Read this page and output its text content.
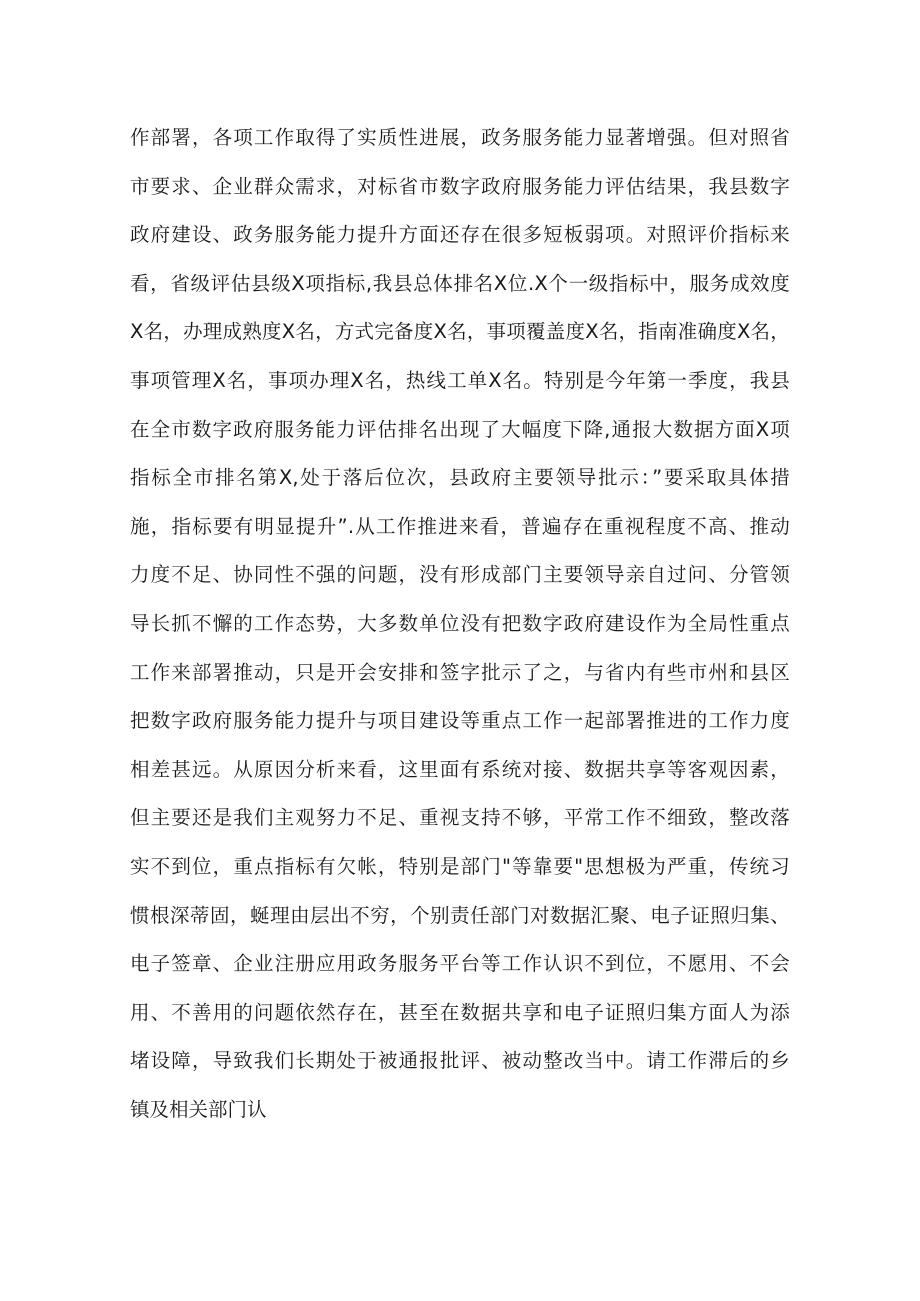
作部署，各项工作取得了实质性进展，政务服务能力显著增强。但对照省
市要求、企业群众需求，对标省市数字政府服务能力评估结果，我县数字
政府建设、政务服务能力提升方面还存在很多短板弱项。对照评价指标来
看，省级评估县级X项指标,我县总体排名X位.X个一级指标中，服务成效度
X名，办理成熟度X名，方式完备度X名，事项覆盖度X名，指南准确度X名，
事项管理X名，事项办理X名，热线工单X名。特别是今年第一季度，我县
在全市数字政府服务能力评估排名出现了大幅度下降,通报大数据方面X项
指标全市排名第X,处于落后位次，县政府主要领导批示：”要采取具体措
施，指标要有明显提升”.从工作推进来看，普遍存在重视程度不高、推动
力度不足、协同性不强的问题，没有形成部门主要领导亲自过问、分管领
导长抓不懈的工作态势，大多数单位没有把数字政府建设作为全局性重点
工作来部署推动，只是开会安排和签字批示了之，与省内有些市州和县区
把数字政府服务能力提升与项目建设等重点工作一起部署推进的工作力度
相差甚远。从原因分析来看，这里面有系统对接、数据共享等客观因素，
但主要还是我们主观努力不足、重视支持不够，平常工作不细致，整改落
实不到位，重点指标有欠帐，特别是部门"等靠要"思想极为严重，传统习
惯根深蒂固，蜒理由层出不穷，个别责任部门对数据汇聚、电子证照归集、
电子签章、企业注册应用政务服务平台等工作认识不到位，不愿用、不会
用、不善用的问题依然存在，甚至在数据共享和电子证照归集方面人为添
堵设障，导致我们长期处于被通报批评、被动整改当中。请工作滞后的乡
镇及相关部门认
